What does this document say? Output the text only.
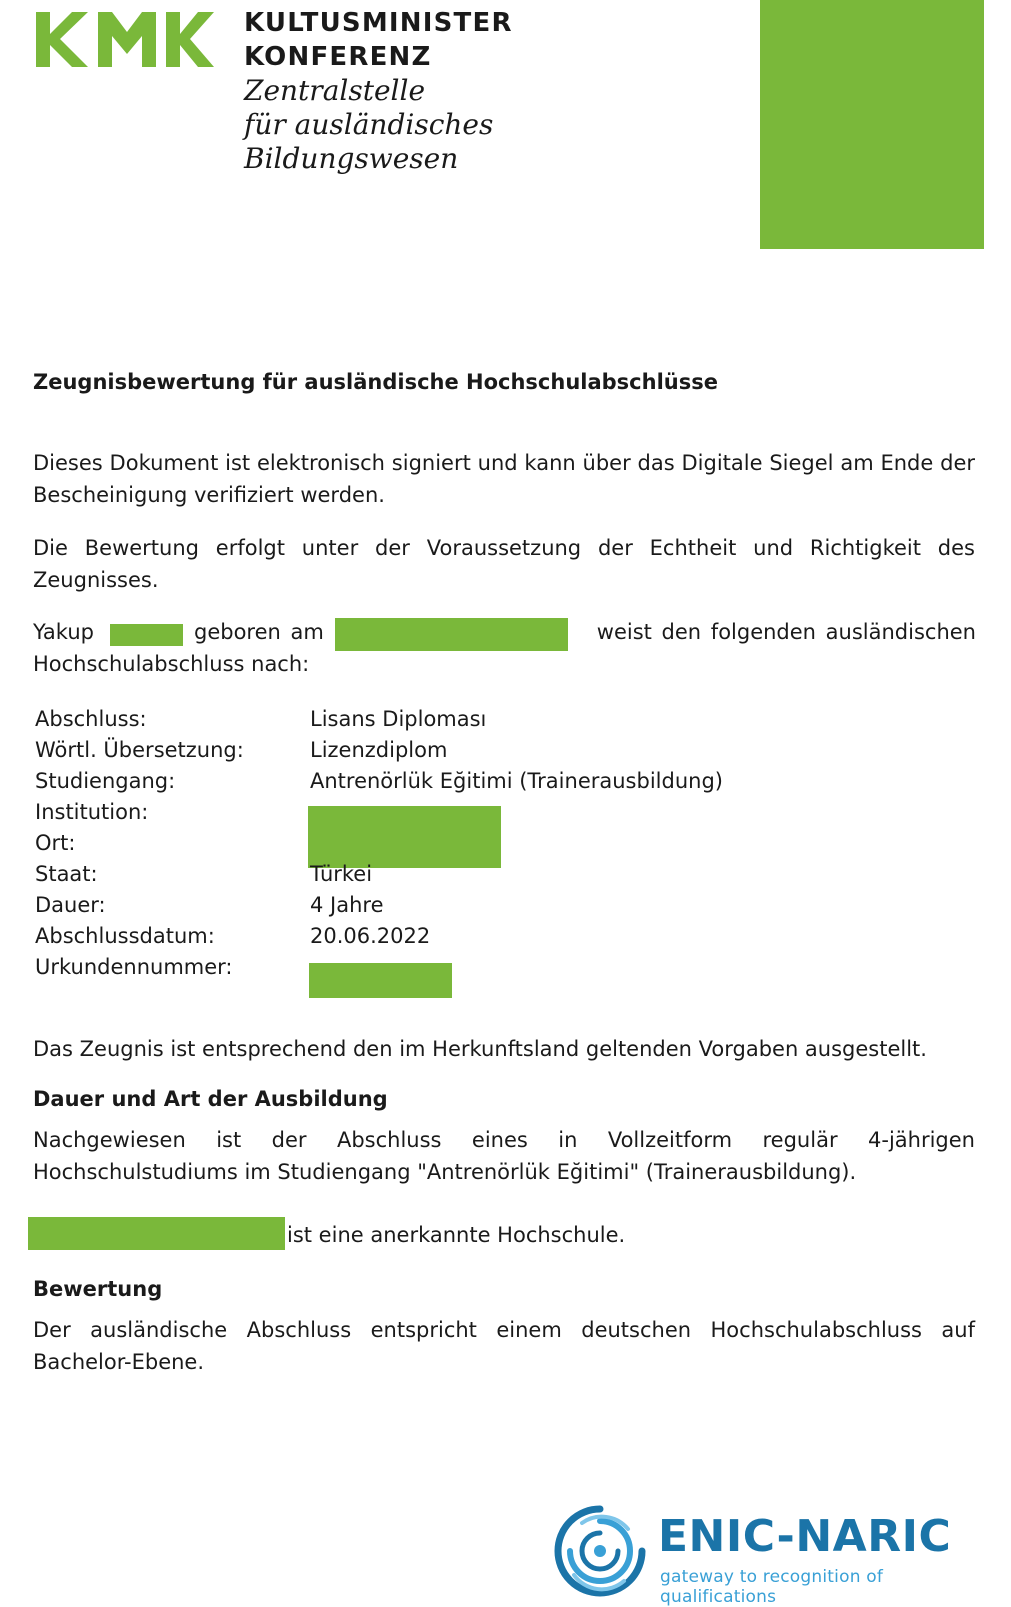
KULTUSMINISTER
KONFERENZ
Zentralstelle
für ausländisches
Bildungswesen
Zeugnisbewertung für ausländische Hochschulabschlüsse
Dieses Dokument ist elektronisch signiert und kann über das Digitale Siegel am Ende der Bescheinigung verifiziert werden.
Die Bewertung erfolgt unter der Voraussetzung der Echtheit und Richtigkeit des Zeugnisses.
Yakup	geboren am	weist den folgenden ausländischen
Hochschulabschluss nach:
Abschluss:	Lisans Diploması
Wörtl. Übersetzung:	Lizenzdiplom
Studiengang:	Antrenörlük Eğitimi (Trainerausbildung)
Institution:
Ort:
Staat:	Türkei
Dauer:	4 Jahre
Abschlussdatum:	20.06.2022
Urkundennummer:
Das Zeugnis ist entsprechend den im Herkunftsland geltenden Vorgaben ausgestellt.
Dauer und Art der Ausbildung
Nachgewiesen ist der Abschluss eines in Vollzeitform regulär 4-jährigen Hochschulstudiums im Studiengang "Antrenörlük Eğitimi" (Trainerausbildung).
ist eine anerkannte Hochschule.
Bewertung
Der ausländische Abschluss entspricht einem deutschen Hochschulabschluss auf Bachelor-Ebene.
ENIC-NARIC
gateway to recognition of qualifications
